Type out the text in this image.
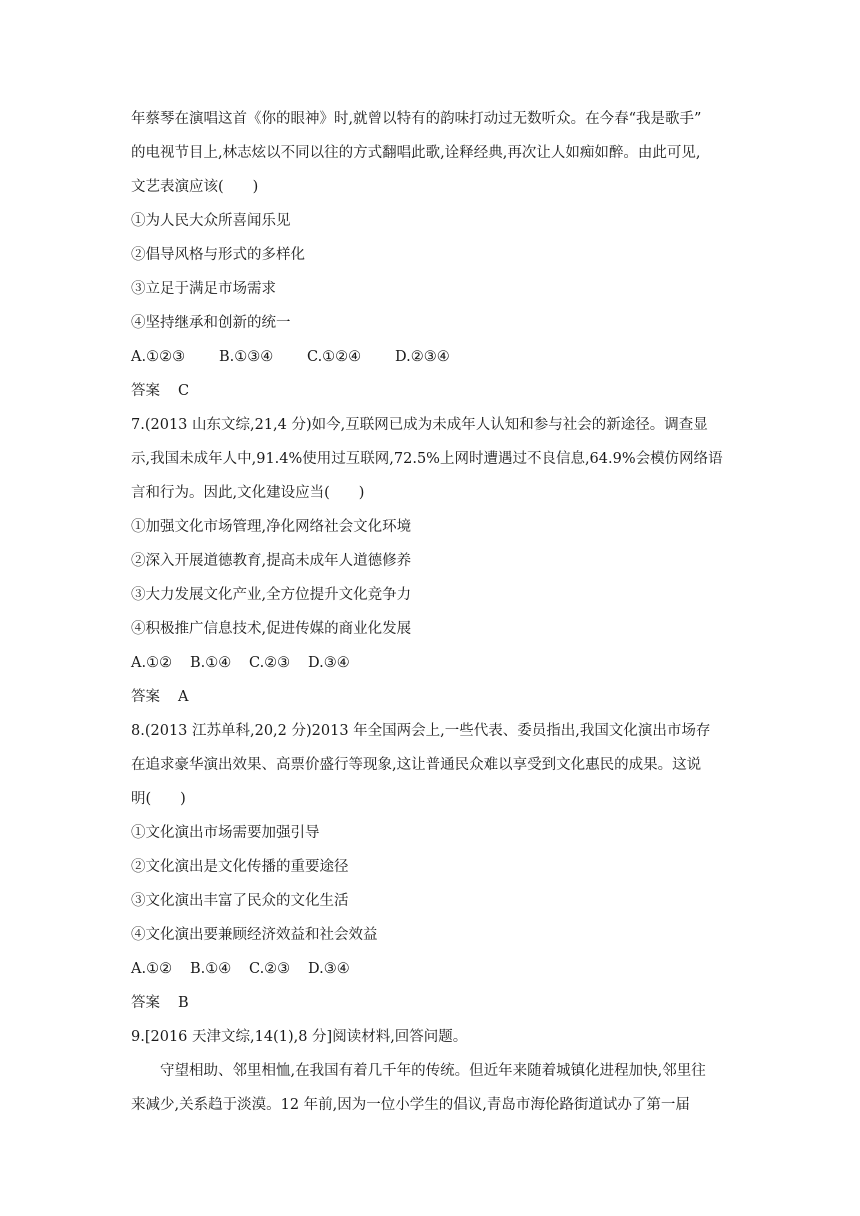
年蔡琴在演唱这首《你的眼神》时,就曾以特有的韵味打动过无数听众。在今春“我是歌手”
的电视节目上,林志炫以不同以往的方式翻唱此歌,诠释经典,再次让人如痴如醉。由此可见,
文艺表演应该(　　)
①为人民大众所喜闻乐见
②倡导风格与形式的多样化
③立足于满足市场需求
④坚持继承和创新的统一
A.①②③ B.①③④ C.①②④ D.②③④
答案 C
7.(2013 山东文综,21,4 分)如今,互联网已成为未成年人认知和参与社会的新途径。调查显
示,我国未成年人中,91.4%使用过互联网,72.5%上网时遭遇过不良信息,64.9%会模仿网络语
言和行为。因此,文化建设应当(　　)
①加强文化市场管理,净化网络社会文化环境
②深入开展道德教育,提高未成年人道德修养
③大力发展文化产业,全方位提升文化竞争力
④积极推广信息技术,促进传媒的商业化发展
A.①② B.①④ C.②③ D.③④
答案 A
8.(2013 江苏单科,20,2 分)2013 年全国两会上,一些代表、委员指出,我国文化演出市场存
在追求豪华演出效果、高票价盛行等现象,这让普通民众难以享受到文化惠民的成果。这说
明(　　)
①文化演出市场需要加强引导
②文化演出是文化传播的重要途径
③文化演出丰富了民众的文化生活
④文化演出要兼顾经济效益和社会效益
A.①② B.①④ C.②③ D.③④
答案 B
9.[2016 天津文综,14(1),8 分]阅读材料,回答问题。
守望相助、邻里相恤,在我国有着几千年的传统。但近年来随着城镇化进程加快,邻里往
来减少,关系趋于淡漠。12 年前,因为一位小学生的倡议,青岛市海伦路街道试办了第一届
